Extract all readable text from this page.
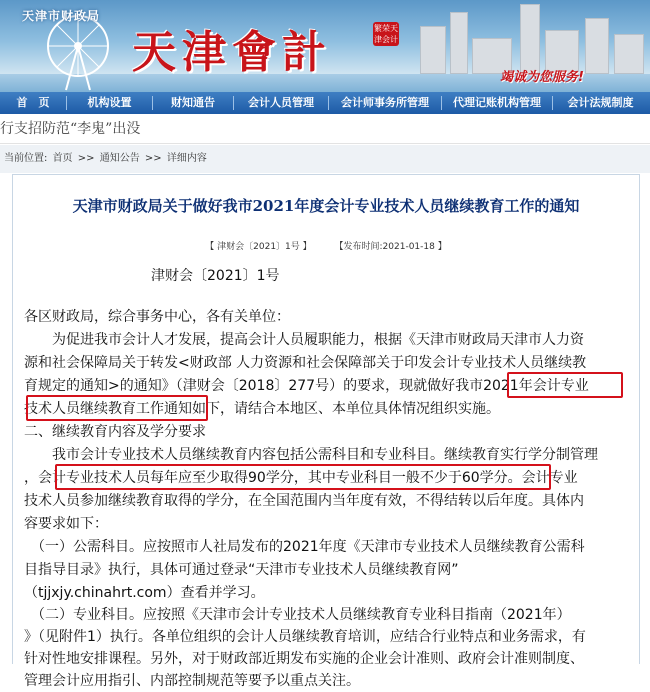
天津市财政局
天津會計	繁荣天津会计
竭诚为您服务!
首　页	机构设置	财知通告	会计人员管理	会计师事务所管理	代理记账机构管理	会计法规制度
行支招防范“李鬼”出没
当前位置: 首页 >> 通知公告 >> 详细内容
天津市财政局关于做好我市2021年度会计专业技术人员继续教育工作的通知
【 津财会〔2021〕1号 】	【发布时间:2021-01-18 】
津财会〔2021〕1号
各区财政局，综合事务中心，各有关单位：
　　为促进我市会计人才发展，提高会计人员履职能力，根据《天津市财政局天津市人力资
源和社会保障局关于转发<财政部 人力资源和社会保障部关于印发会计专业技术人员继续教
育规定的通知>的通知》（津财会〔2018〕277号）的要求，现就做好我市2021年会计专业
技术人员继续教育工作通知如下，请结合本地区、本单位具体情况组织实施。
二、继续教育内容及学分要求
　　我市会计专业技术人员继续教育内容包括公需科目和专业科目。继续教育实行学分制管理
，会计专业技术人员每年应至少取得90学分，其中专业科目一般不少于60学分。会计专业
技术人员参加继续教育取得的学分，在全国范围内当年度有效，不得结转以后年度。具体内
容要求如下：
　（一）公需科目。应按照市人社局发布的2021年度《天津市专业技术人员继续教育公需科
目指导目录》执行，具体可通过登录“天津市专业技术人员继续教育网”
（tjjxjy.chinahrt.com）查看并学习。
　（二）专业科目。应按照《天津市会计专业技术人员继续教育专业科目指南（2021年）
》（见附件1）执行。各单位组织的会计人员继续教育培训，应结合行业特点和业务需求，有
针对性地安排课程。另外，对于财政部近期发布实施的企业会计准则、政府会计准则制度、
管理会计应用指引、内部控制规范等要予以重点关注。
